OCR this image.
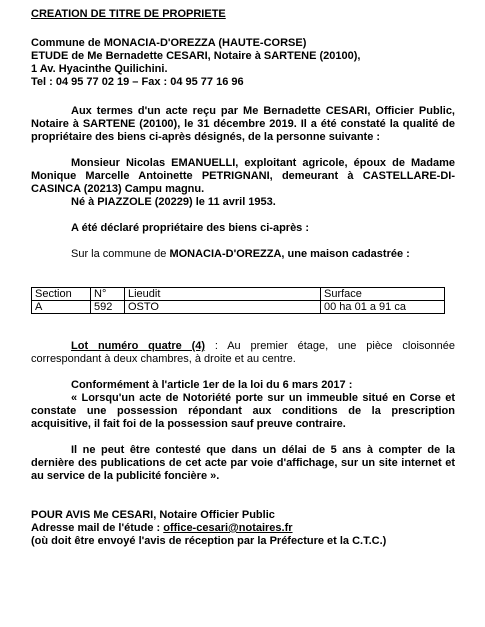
CREATION DE TITRE DE PROPRIETE

Commune de MONACIA-D'OREZZA (HAUTE-CORSE)

ETUDE de Me Bernadette CESARI, Notaire à SARTENE (20100),

1 Av. Hyacinthe Quilichini.

Tel : 04 95 77 02 19 – Fax : 04 95 77 16 96

Aux termes d'un acte reçu par Me Bernadette CESARI, Officier Public, Notaire à SARTENE (20100), le 31 décembre 2019. Il a été constaté la qualité de propriétaire des biens ci-après désignés, de la personne suivante :

Monsieur Nicolas EMANUELLI, exploitant agricole, époux de Madame Monique Marcelle Antoinette PETRIGNANI, demeurant à CASTELLARE-DI-CASINCA (20213) Campu magnu.

Né à PIAZZOLE (20229) le 11 avril 1953.

A été déclaré propriétaire des biens ci-après :

Sur la commune de MONACIA-D'OREZZA, une maison cadastrée :

Section	N°	Lieudit	Surface
A	592	OSTO	00 ha 01 a 91 ca

Lot numéro quatre (4) : Au premier étage, une pièce cloisonnée correspondant à deux chambres, à droite et au centre.

Conformément à l'article 1er de la loi du 6 mars 2017 :

« Lorsqu'un acte de Notoriété porte sur un immeuble situé en Corse et constate une possession répondant aux conditions de la prescription acquisitive, il fait foi de la possession sauf preuve contraire.

Il ne peut être contesté que dans un délai de 5 ans à compter de la dernière des publications de cet acte par voie d'affichage, sur un site internet et au service de la publicité foncière ».

POUR AVIS Me CESARI, Notaire Officier Public

Adresse mail de l'étude : office-cesari@notaires.fr

(où doit être envoyé l'avis de réception par la Préfecture et la C.T.C.)
